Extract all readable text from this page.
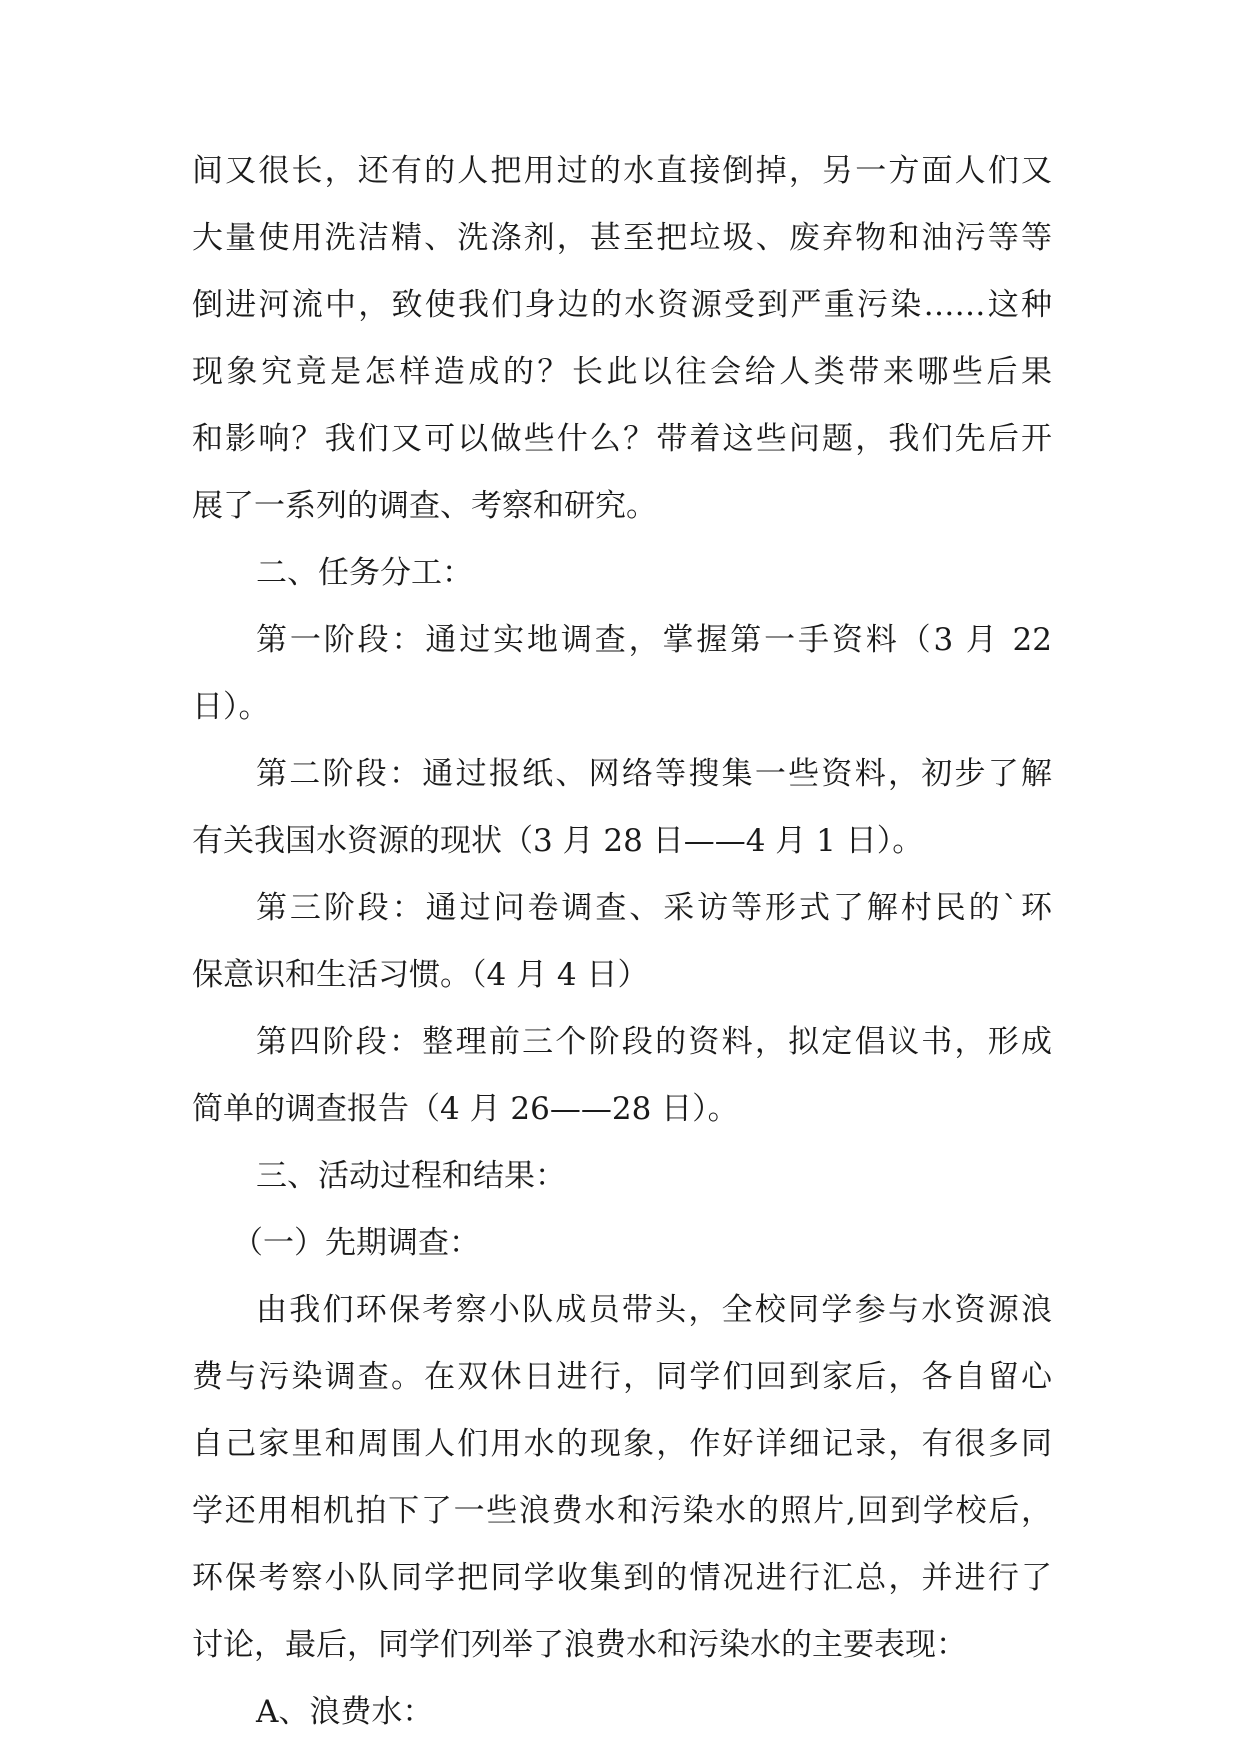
间又很长，还有的人把用过的水直接倒掉，另一方面人们又
大量使用洗洁精、洗涤剂，甚至把垃圾、废弃物和油污等等
倒进河流中，致使我们身边的水资源受到严重污染……这种
现象究竟是怎样造成的？长此以往会给人类带来哪些后果
和影响？我们又可以做些什么？带着这些问题，我们先后开
展了一系列的调查、考察和研究。
二、任务分工：
第一阶段：通过实地调查，掌握第一手资料（3 月 22
日）。
第二阶段：通过报纸、网络等搜集一些资料，初步了解
有关我国水资源的现状（3 月 28 日——4 月 1 日）。
第三阶段：通过问卷调查、采访等形式了解村民的`环
保意识和生活习惯。（4 月 4 日）
第四阶段：整理前三个阶段的资料，拟定倡议书，形成
简单的调查报告（4 月 26——28 日）。
三、活动过程和结果：
（一）先期调查：
由我们环保考察小队成员带头，全校同学参与水资源浪
费与污染调查。在双休日进行，同学们回到家后，各自留心
自己家里和周围人们用水的现象，作好详细记录，有很多同
学还用相机拍下了一些浪费水和污染水的照片,回到学校后，
环保考察小队同学把同学收集到的情况进行汇总，并进行了
讨论，最后，同学们列举了浪费水和污染水的主要表现：
A、浪费水：
